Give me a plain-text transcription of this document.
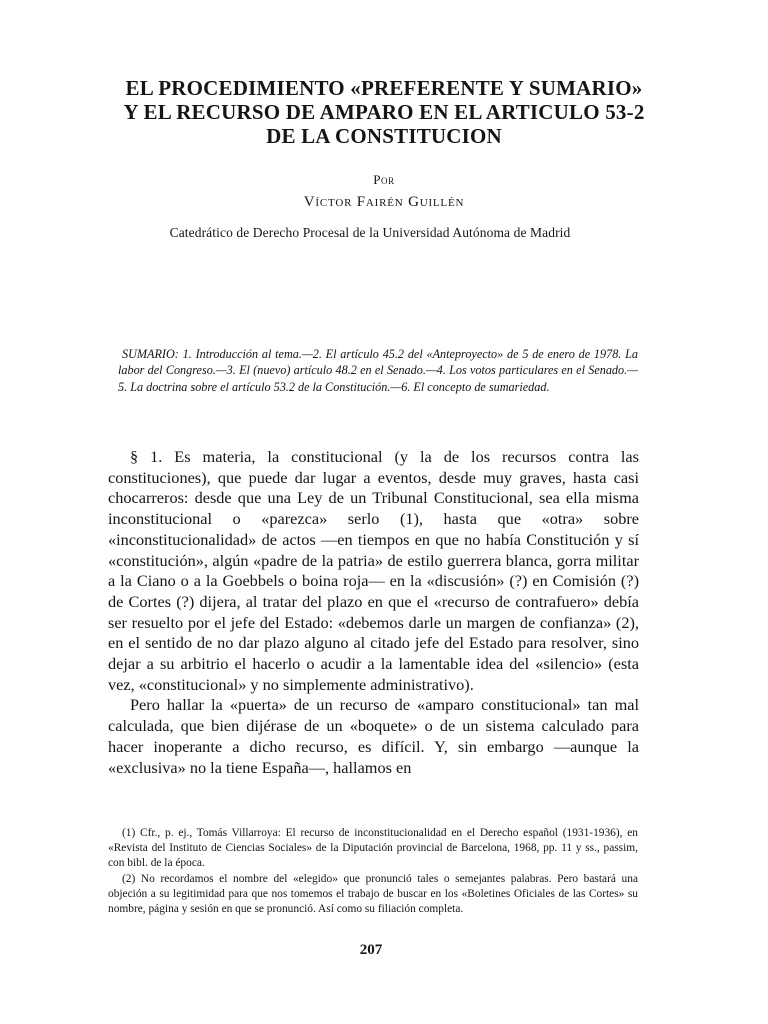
EL PROCEDIMIENTO «PREFERENTE Y SUMARIO»
Y EL RECURSO DE AMPARO EN EL ARTICULO 53-2
DE LA CONSTITUCION
Por
Víctor Fairén Guillén
Catedrático de Derecho Procesal de la Universidad Autónoma de Madrid
SUMARIO: 1. Introducción al tema.—2. El artículo 45.2 del «Anteproyecto» de 5 de enero de 1978. La labor del Congreso.—3. El (nuevo) artículo 48.2 en el Senado.—4. Los votos particulares en el Senado.—5. La doctrina sobre el artículo 53.2 de la Constitución.—6. El concepto de sumariedad.

§ 1. Es materia, la constitucional (y la de los recursos contra las constituciones), que puede dar lugar a eventos, desde muy graves, hasta casi chocarreros: desde que una Ley de un Tribunal Constitucional, sea ella misma inconstitucional o «parezca» serlo (1), hasta que «otra» sobre «inconstitucionalidad» de actos —en tiempos en que no había Constitución y sí «constitución», algún «padre de la patria» de estilo guerrera blanca, gorra militar a la Ciano o a la Goebbels o boina roja— en la «discusión» (?) en Comisión (?) de Cortes (?) dijera, al tratar del plazo en que el «recurso de contrafuero» debía ser resuelto por el jefe del Estado: «debemos darle un margen de confianza» (2), en el sentido de no dar plazo alguno al citado jefe del Estado para resolver, sino dejar a su arbitrio el hacerlo o acudir a la lamentable idea del «silencio» (esta vez, «constitucional» y no simplemente administrativo).

Pero hallar la «puerta» de un recurso de «amparo constitucional» tan mal calculada, que bien dijérase de un «boquete» o de un sistema calculado para hacer inoperante a dicho recurso, es difícil. Y, sin embargo —aunque la «exclusiva» no la tiene España—, hallamos en

(1) Cfr., p. ej., Tomás Villarroya: El recurso de inconstitucionalidad en el Derecho español (1931-1936), en «Revista del Instituto de Ciencias Sociales» de la Diputación provincial de Barcelona, 1968, pp. 11 y ss., passim, con bibl. de la época.

(2) No recordamos el nombre del «elegido» que pronunció tales o semejantes palabras. Pero bastará una objeción a su legitimidad para que nos tomemos el trabajo de buscar en los «Boletines Oficiales de las Cortes» su nombre, página y sesión en que se pronunció. Así como su filiación completa.

207
